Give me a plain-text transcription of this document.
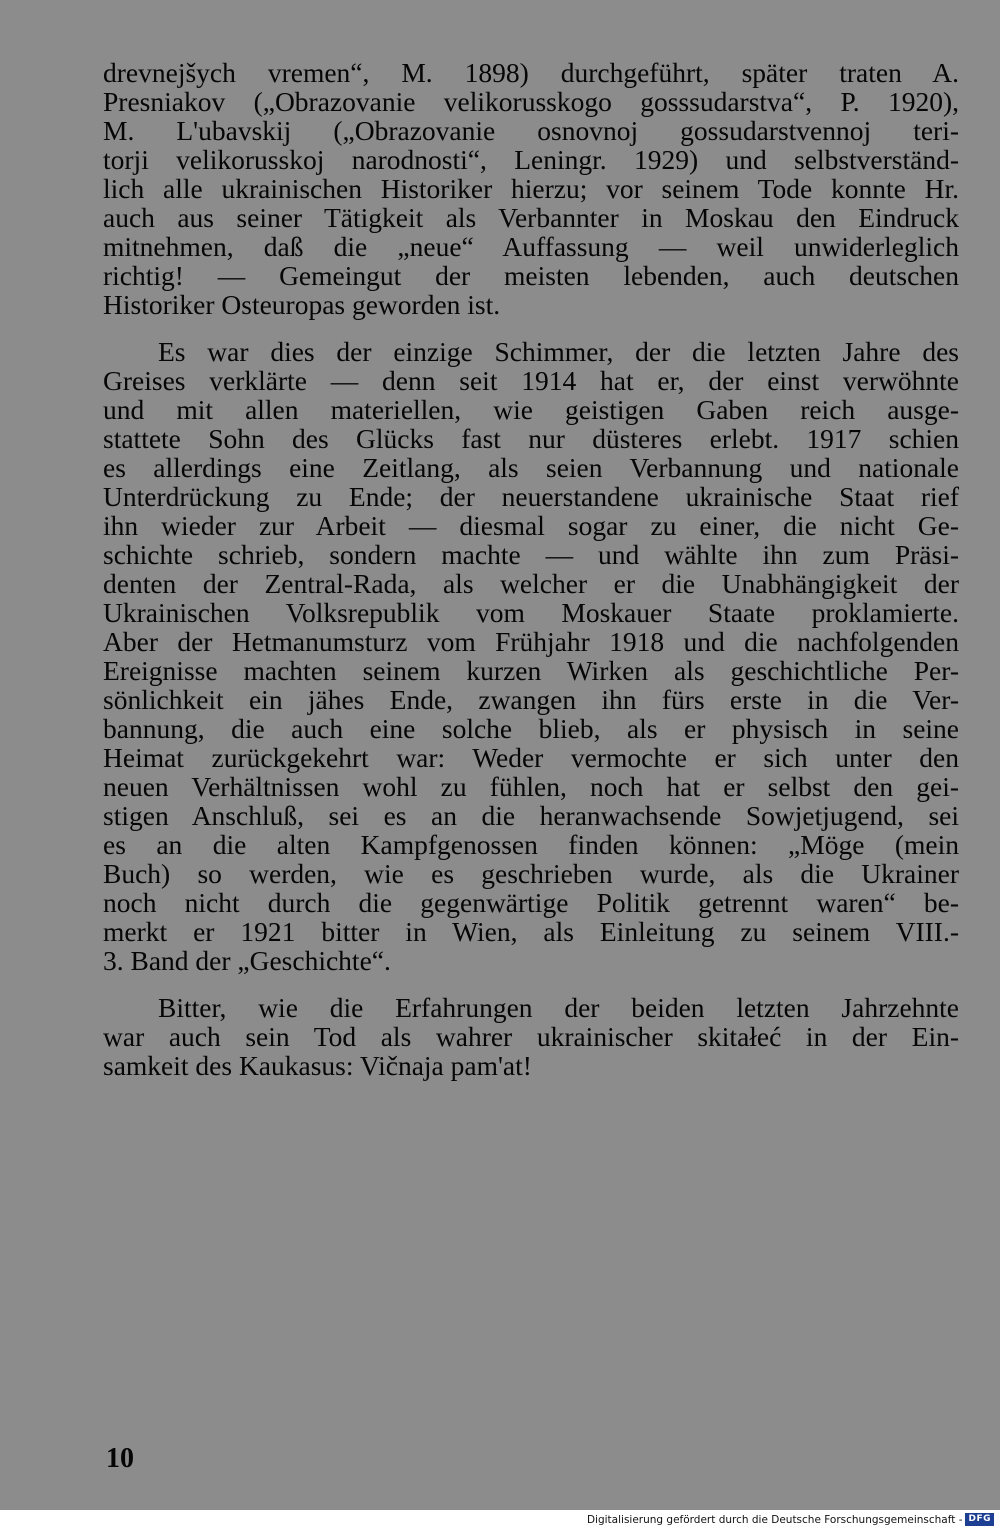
drevnejšych vremen“, M. 1898) durchgeführt, später traten A.
Presniakov („Obrazovanie velikorusskogo gosssudarstva“, P. 1920),
M. L'ubavskij („Obrazovanie osnovnoj gossudarstvennoj teri-
torji velikorusskoj narodnosti“, Leningr. 1929) und selbstverständ-
lich alle ukrainischen Historiker hierzu; vor seinem Tode konnte Hr.
auch aus seiner Tätigkeit als Verbannter in Moskau den Eindruck
mitnehmen, daß die „neue“ Auffassung — weil unwiderleglich
richtig! — Gemeingut der meisten lebenden, auch deutschen
Historiker Osteuropas geworden ist.
Es war dies der einzige Schimmer, der die letzten Jahre des
Greises verklärte — denn seit 1914 hat er, der einst verwöhnte
und mit allen materiellen, wie geistigen Gaben reich ausge-
stattete Sohn des Glücks fast nur düsteres erlebt. 1917 schien
es allerdings eine Zeitlang, als seien Verbannung und nationale
Unterdrückung zu Ende; der neuerstandene ukrainische Staat rief
ihn wieder zur Arbeit — diesmal sogar zu einer, die nicht Ge-
schichte schrieb, sondern machte — und wählte ihn zum Präsi-
denten der Zentral-Rada, als welcher er die Unabhängigkeit der
Ukrainischen Volksrepublik vom Moskauer Staate proklamierte.
Aber der Hetmanumsturz vom Frühjahr 1918 und die nachfolgenden
Ereignisse machten seinem kurzen Wirken als geschichtliche Per-
sönlichkeit ein jähes Ende, zwangen ihn fürs erste in die Ver-
bannung, die auch eine solche blieb, als er physisch in seine
Heimat zurückgekehrt war: Weder vermochte er sich unter den
neuen Verhältnissen wohl zu fühlen, noch hat er selbst den gei-
stigen Anschluß, sei es an die heranwachsende Sowjetjugend, sei
es an die alten Kampfgenossen finden können: „Möge (mein
Buch) so werden, wie es geschrieben wurde, als die Ukrainer
noch nicht durch die gegenwärtige Politik getrennt waren“ be-
merkt er 1921 bitter in Wien, als Einleitung zu seinem VIII.-
3. Band der „Geschichte“.
Bitter, wie die Erfahrungen der beiden letzten Jahrzehnte
war auch sein Tod als wahrer ukrainischer skitałeć in der Ein-
samkeit des Kaukasus: Vičnaja pam'at!
10
Digitalisierung gefördert durch die Deutsche Forschungsgemeinschaft - DFG
